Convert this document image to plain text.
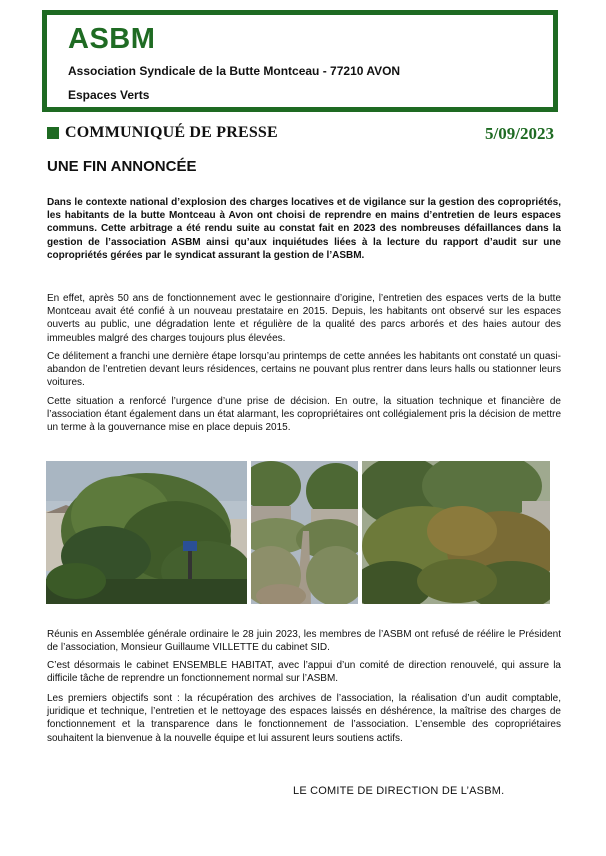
ASBM
Association Syndicale de la Butte Montceau - 77210 AVON
Espaces Verts
COMMUNIQUÉ DE PRESSE	5/09/2023
UNE FIN ANNONCÉE

Dans le contexte national d’explosion des charges locatives et de vigilance sur la gestion des copropriétés, les habitants de la butte Montceau à Avon ont choisi de reprendre en mains d’entretien de leurs espaces communs. Cette arbitrage a été rendu suite au constat fait en 2023 des nombreuses défaillances dans la gestion de l’association ASBM ainsi qu’aux inquiétudes liées à la lecture du rapport d’audit sur une copropriétés gérées par le syndicat assurant la gestion de l’ASBM.

En effet, après 50 ans de fonctionnement avec le gestionnaire d’origine, l’entretien des espaces verts de la butte Montceau avait été confié à un nouveau prestataire en 2015. Depuis, les habitants ont observé sur les espaces ouverts au public, une dégradation lente et régulière de la qualité des parcs arborés et des haies autour des immeubles malgré des charges toujours plus élevées.

Ce délitement a franchi une dernière étape lorsqu’au printemps de cette années les habitants ont constaté un quasi-abandon de l’entretien devant leurs résidences, certains ne pouvant plus rentrer dans leurs halls ou stationner leurs voitures.

Cette situation a renforcé l’urgence d’une prise de décision. En outre, la situation technique et financière de l’association étant également dans un état alarmant, les copropriétaires ont collégialement pris la décision de mettre un terme à la gouvernance mise en place depuis 2015.

Réunis en Assemblée générale ordinaire le 28 juin 2023, les membres de l’ASBM ont refusé de réélire le Président de l’association, Monsieur Guillaume VILLETTE du cabinet SID.

C’est désormais le cabinet ENSEMBLE HABITAT, avec l’appui d’un comité de direction renouvelé, qui assure la difficile tâche de reprendre un fonctionnement normal sur l’ASBM.

Les premiers objectifs sont : la récupération des archives de l’association, la réalisation d’un audit comptable, juridique et technique, l’entretien et le nettoyage des espaces laissés en déshérence, la maîtrise des charges de fonctionnement et la transparence dans le fonctionnement de l’association. L’ensemble des copropriétaires souhaitent la bienvenue à la nouvelle équipe et lui assurent leurs soutiens actifs.

LE COMITE DE DIRECTION DE L’ASBM.
